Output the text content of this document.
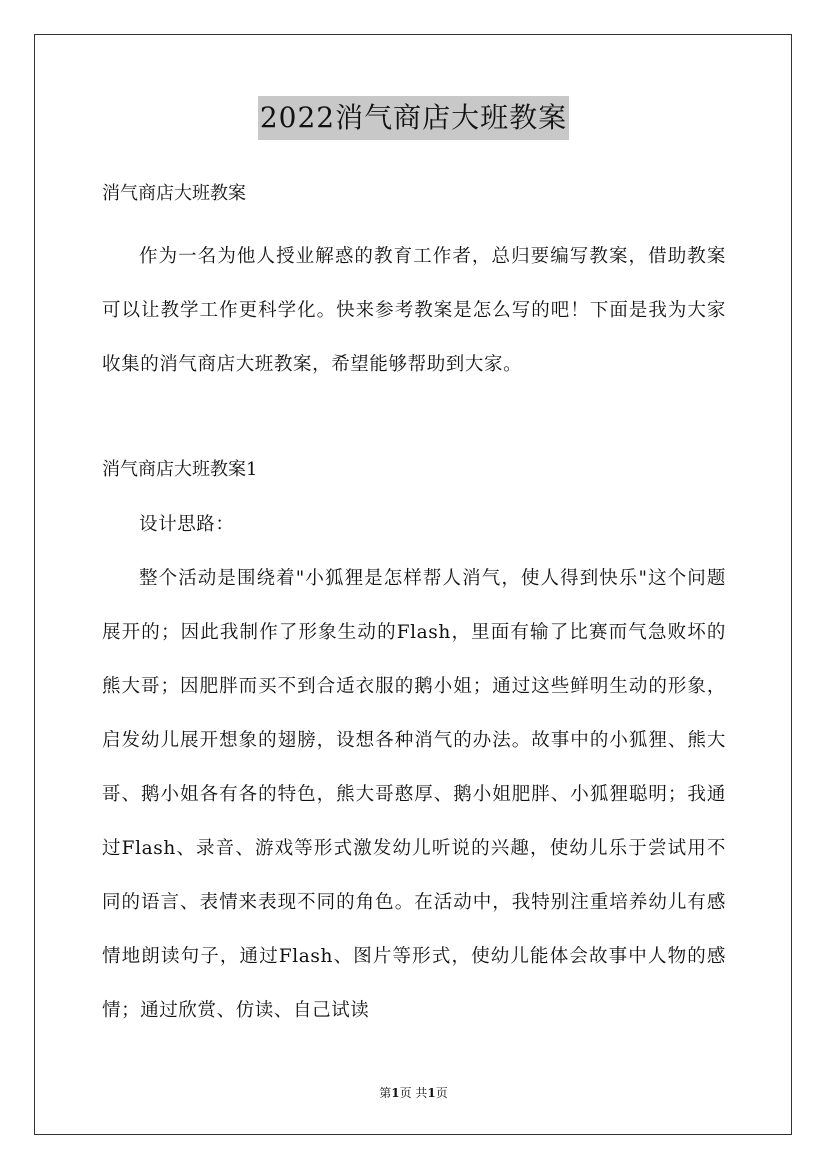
2022消气商店大班教案

消气商店大班教案

作为一名为他人授业解惑的教育工作者，总归要编写教案，借助教案可以让教学工作更科学化。快来参考教案是怎么写的吧！下面是我为大家收集的消气商店大班教案，希望能够帮助到大家。

消气商店大班教案1

设计思路：

整个活动是围绕着"小狐狸是怎样帮人消气，使人得到快乐"这个问题展开的；因此我制作了形象生动的Flash，里面有输了比赛而气急败坏的熊大哥；因肥胖而买不到合适衣服的鹅小姐；通过这些鲜明生动的形象，启发幼儿展开想象的翅膀，设想各种消气的办法。故事中的小狐狸、熊大哥、鹅小姐各有各的特色，熊大哥憨厚、鹅小姐肥胖、小狐狸聪明；我通过Flash、录音、游戏等形式激发幼儿听说的兴趣，使幼儿乐于尝试用不同的语言、表情来表现不同的角色。在活动中，我特别注重培养幼儿有感情地朗读句子，通过Flash、图片等形式，使幼儿能体会故事中人物的感情；通过欣赏、仿读、自己试读

第1页 共1页
